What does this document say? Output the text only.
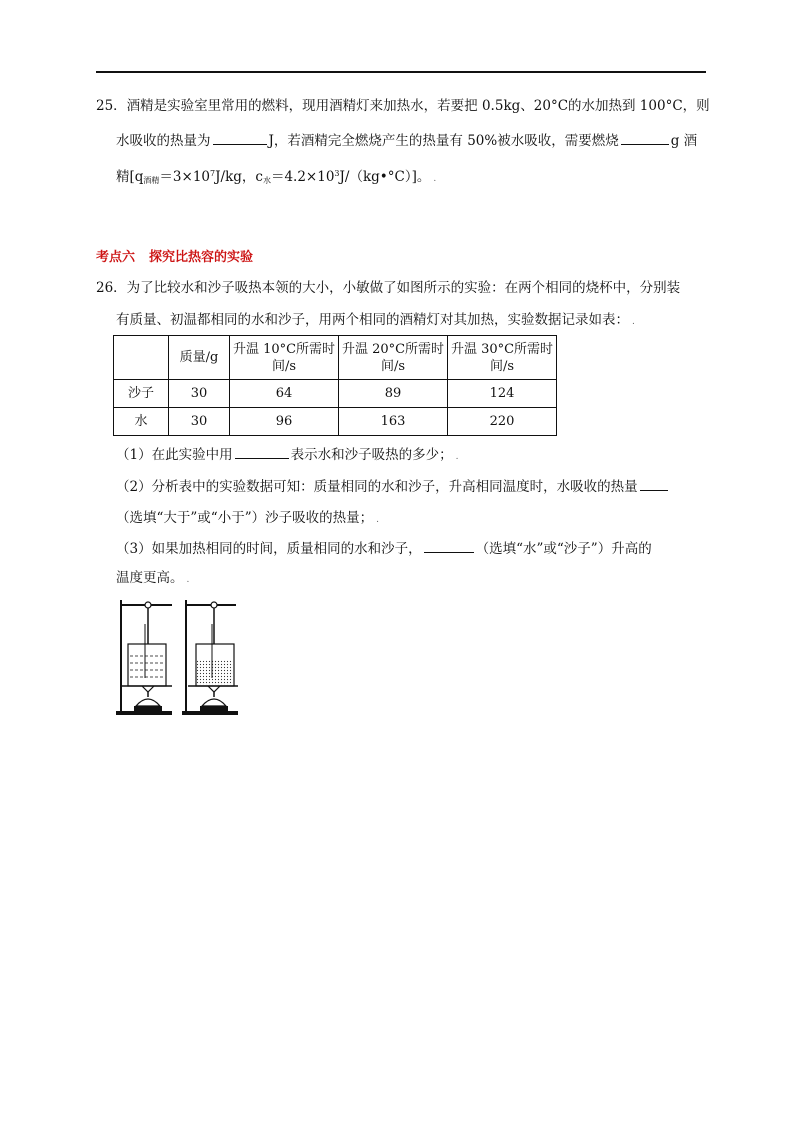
25．酒精是实验室里常用的燃料，现用酒精灯来加热水，若要把 0.5kg、20°C的水加热到 100°C，则
水吸收的热量为	J，若酒精完全燃烧产生的热量有 50%被水吸收，需要燃烧	g 酒
精[$q_{酒精}=3\times 10^7J/kg$，$c_水=4.2\times 10^3J/(kg•^\circ C)$]。 .
考点六 探究比热容的实验
26．为了比较水和沙子吸热本领的大小，小敏做了如图所示的实验：在两个相同的烧杯中，分别装
有质量、初温都相同的水和沙子，用两个相同的酒精灯对其加热，实验数据记录如表： .
	质量/g	升温 10°C所需时间/s	升温 20°C所需时间/s	升温 30°C所需时间/s
沙子	30	64	89	124
水	30	96	163	220
（1）在此实验中用	表示水和沙子吸热的多少； .
（2）分析表中的实验数据可知：质量相同的水和沙子，升高相同温度时，水吸收的热量
（选填“大于”或“小于”）沙子吸收的热量； .
（3）如果加热相同的时间，质量相同的水和沙子，	（选填“水”或“沙子”）升高的
温度更高。 .
